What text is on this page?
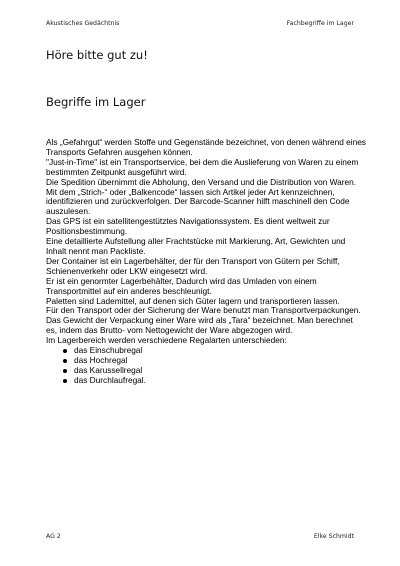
Akustisches Gedächtnis	Fachbegriffe im Lager
Höre bitte gut zu!
Begriffe im Lager

Als „Gefahrgut“ werden Stoffe und Gegenstände bezeichnet, von denen während eines Transports Gefahren ausgehen können.

"Just-in-Time" ist ein Transportservice, bei dem die Auslieferung von Waren zu einem bestimmten Zeitpunkt ausgeführt wird.

Die Spedition übernimmt die Abholung, den Versand und die Distribution von Waren.

Mit dem „Strich-“ oder „Balkencode“ lassen sich Artikel jeder Art kennzeichnen, identifizieren und zurückverfolgen. Der Barcode-Scanner hilft maschinell den Code auszulesen.

Das GPS ist ein satellitengestütztes Navigationssystem. Es dient weltweit zur Positionsbestimmung.

Eine detaillierte Aufstellung aller Frachtstücke mit Markierung, Art, Gewichten und Inhalt nennt man Packliste.

Der Container ist ein Lagerbehälter, der für den Transport von Gütern per Schiff, Schienenverkehr oder LKW eingesetzt wird.

Er ist ein genormter Lagerbehälter, Dadurch wird das Umladen von einem Transportmittel auf ein anderes beschleunigt.

Paletten sind Lademittel, auf denen sich Güter lagern und transportieren lassen.

Für den Transport oder der Sicherung der Ware benutzt man Transportverpackungen. Das Gewicht der Verpackung einer Ware wird als „Tara“ bezeichnet. Man berechnet es, indem das Brutto- vom Nettogewicht der Ware abgezogen wird.

Im Lagerbereich werden verschiedene Regalarten unterschieden:

das Einschubregal
das Hochregal
das Karussellregal
das Durchlaufregal.
AG 2	Elke Schmidt
